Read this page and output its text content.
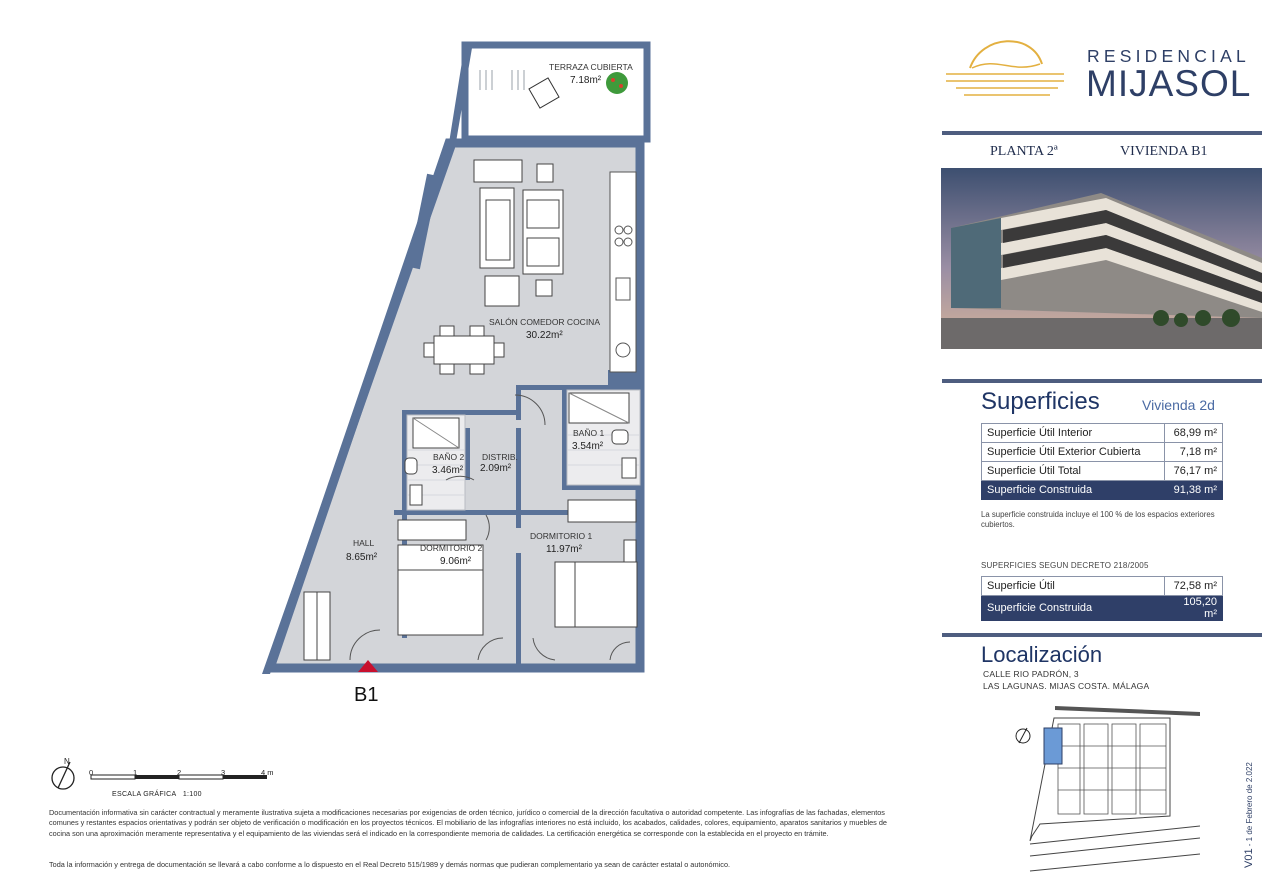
TERRAZA CUBIERTA
7.18m²
SALÓN COMEDOR COCINA
30.22m²
BAÑO 2
3.46m²
DISTRIB.
2.09m²
BAÑO 1
3.54m²
HALL
8.65m²
DORMITORIO 2
9.06m²
DORMITORIO 1
11.97m²
B1
N
0	1	2	3	4 m
ESCALA GRÁFICA   1:100
Documentación informativa sin carácter contractual y meramente ilustrativa sujeta a modificaciones necesarias por exigencias de orden técnico, jurídico o comercial de la dirección facultativa o autoridad competente. Las infografías de las fachadas, elementos comunes y restantes espacios orientativas y podrán ser objeto de verificación o modificación en los proyectos técnicos. El mobiliario de las infografías interiores no está incluido, los acabados, calidades, colores, equipamiento, aparatos sanitarios y muebles de cocina son una aproximación meramente representativa y el equipamiento de las viviendas será el indicado en la correspondiente memoria de calidades. La certificación energética se corresponde con la establecida en el proyecto en trámite.
Toda la información y entrega de documentación se llevará a cabo conforme a lo dispuesto en el Real Decreto 515/1989 y demás normas que pudieran complementario ya sean de carácter estatal o autonómico.
RESIDENCIAL
MIJASOL
PLANTA 2ª	VIVIENDA B1
Superficies	Vivienda 2d
Superficie Útil Interior	68,99 m²
Superficie Útil Exterior Cubierta	7,18 m²
Superficie Útil Total	76,17 m²
Superficie Construida	91,38 m²
La superficie construida incluye el 100 % de los espacios exteriores cubiertos.
SUPERFICIES SEGUN DECRETO 218/2005
Superficie Útil	72,58 m²
Superficie Construida	105,20 m²
Localización
CALLE RIO PADRÓN, 3
LAS LAGUNAS. MIJAS COSTA. MÁLAGA
V01 - 1 de Febrero de 2.022
